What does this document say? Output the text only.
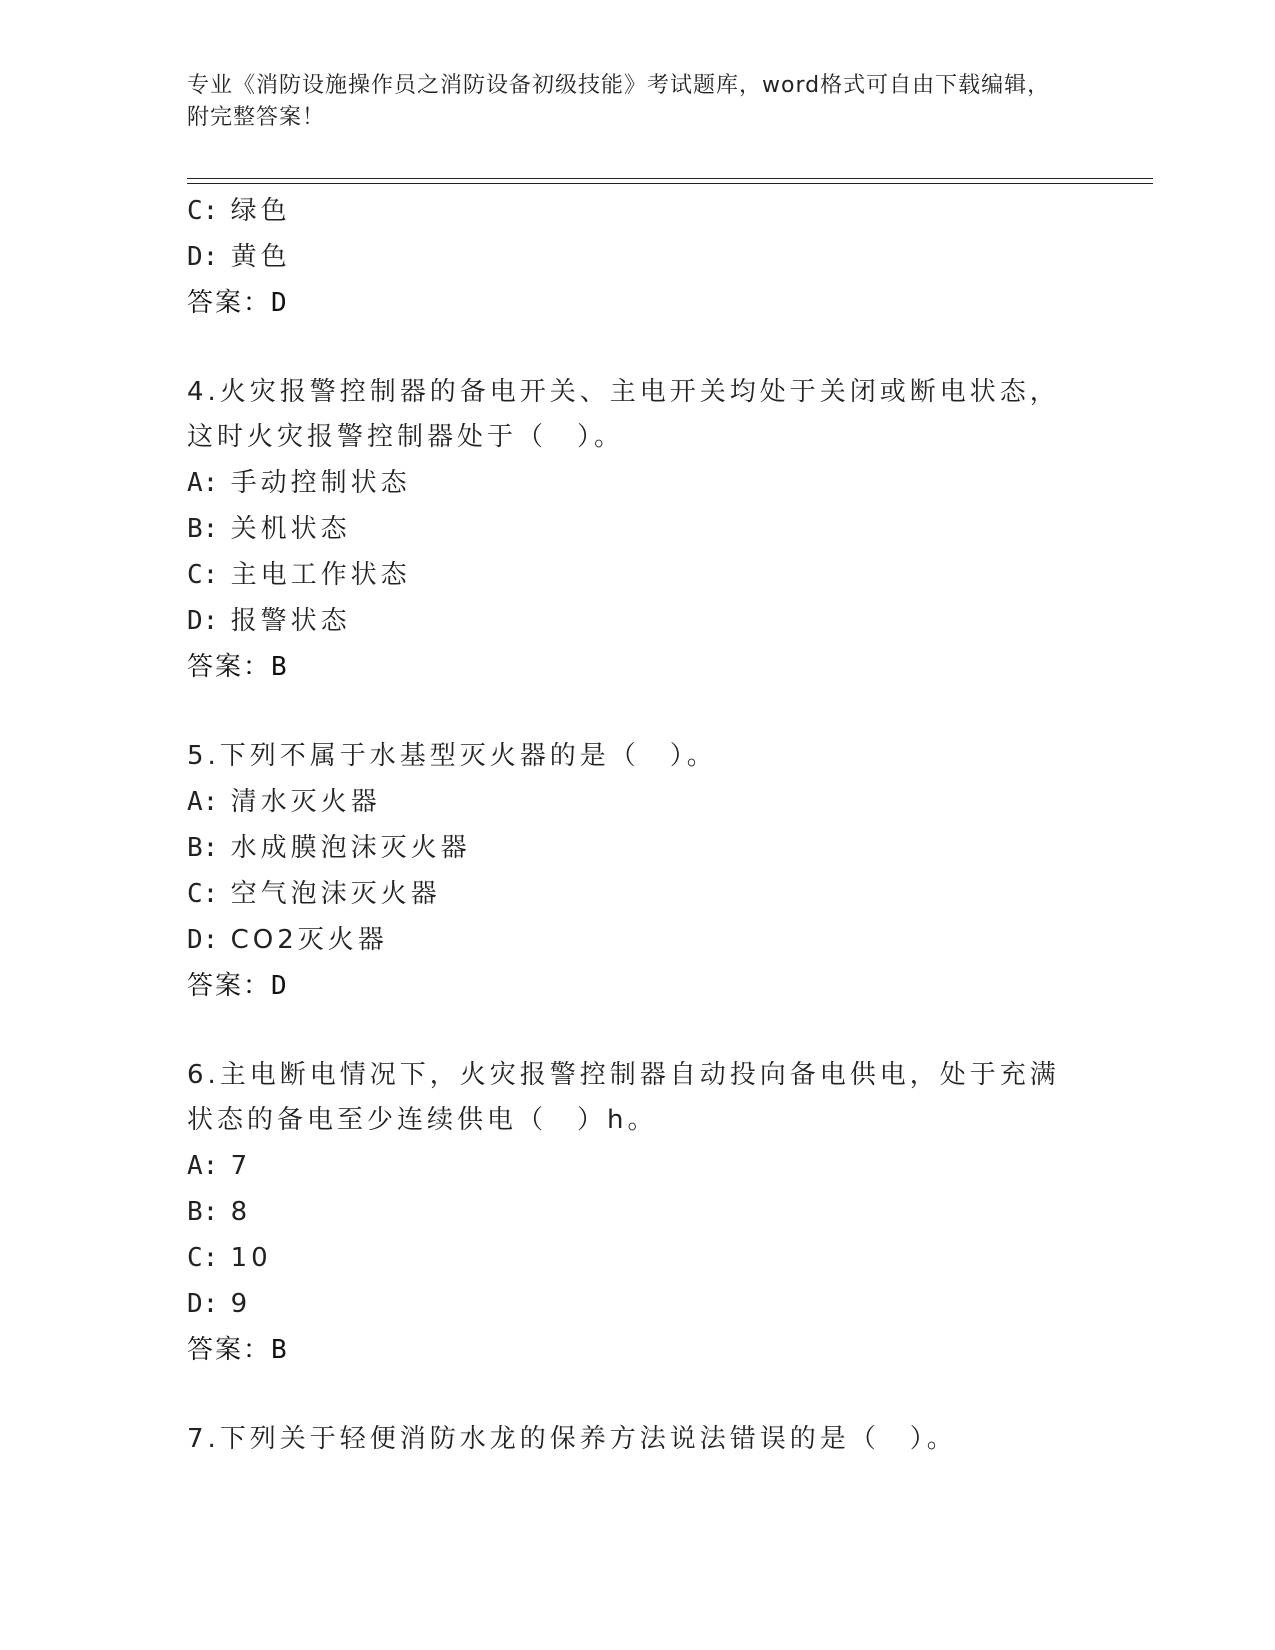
专业《消防设施操作员之消防设备初级技能》考试题库，word格式可自由下载编辑，附完整答案！
C: 绿色
D: 黄色
答案：D
4.火灾报警控制器的备电开关、主电开关均处于关闭或断电状态，这时火灾报警控制器处于（　）。
A: 手动控制状态
B: 关机状态
C: 主电工作状态
D: 报警状态
答案：B
5.下列不属于水基型灭火器的是（　）。
A: 清水灭火器
B: 水成膜泡沫灭火器
C: 空气泡沫灭火器
D: CO2灭火器
答案：D
6.主电断电情况下，火灾报警控制器自动投向备电供电，处于充满状态的备电至少连续供电（　）h。
A: 7
B: 8
C: 10
D: 9
答案：B
7.下列关于轻便消防水龙的保养方法说法错误的是（　）。
